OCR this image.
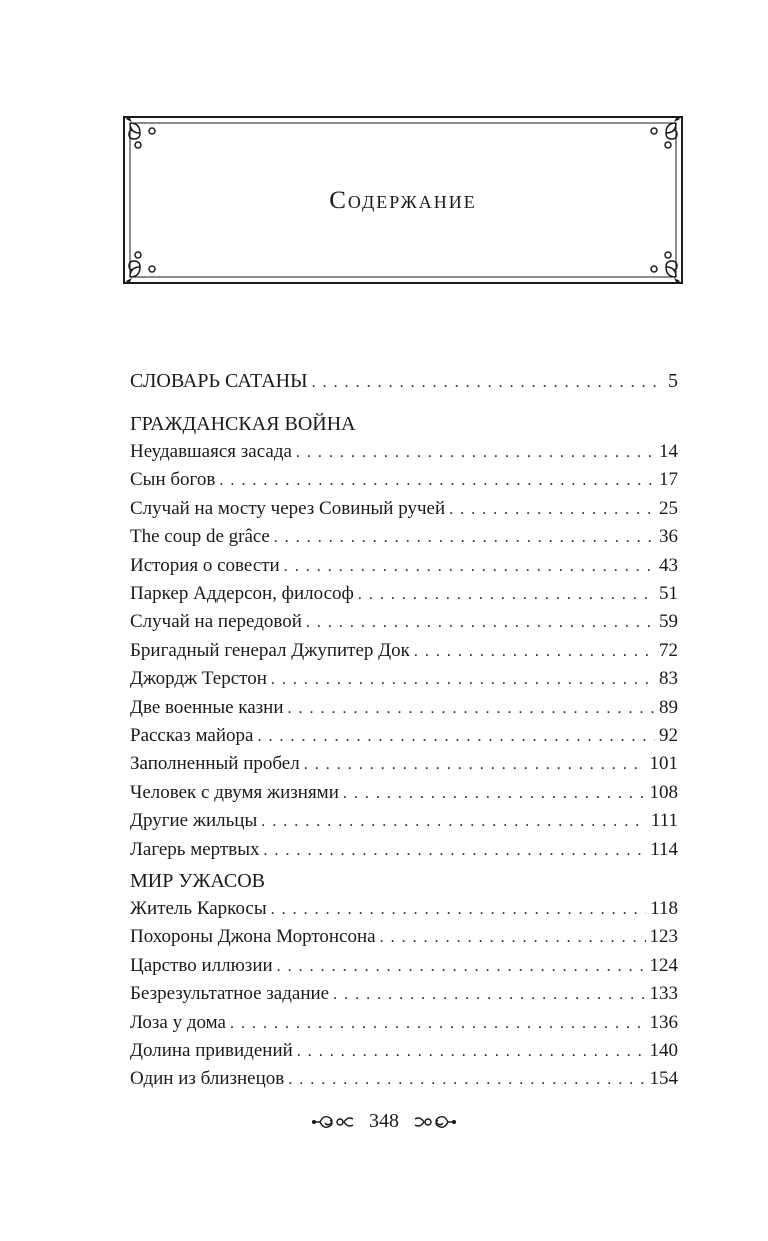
Содержание
СЛОВАРЬ САТАНЫ . . .	5
ГРАЖДАНСКАЯ ВОЙНА
Неудавшаяся засада . . .	14
Сын богов . . .	17
Случай на мосту через Совиный ручей . . .	25
The coup de grâce . . .	36
История о совести . . .	43
Паркер Аддерсон, философ . . .	51
Случай на передовой . . .	59
Бригадный генерал Джупитер Док . . .	72
Джордж Терстон . . .	83
Две военные казни . . .	89
Рассказ майора . . .	92
Заполненный пробел . . .	101
Человек с двумя жизнями . . .	108
Другие жильцы . . .	111
Лагерь мертвых . . .	114
МИР УЖАСОВ
Житель Каркосы . . .	118
Похороны Джона Мортонсона . . .	123
Царство иллюзии . . .	124
Безрезультатное задание . . .	133
Лоза у дома . . .	136
Долина привидений . . .	140
Один из близнецов . . .	154
348
